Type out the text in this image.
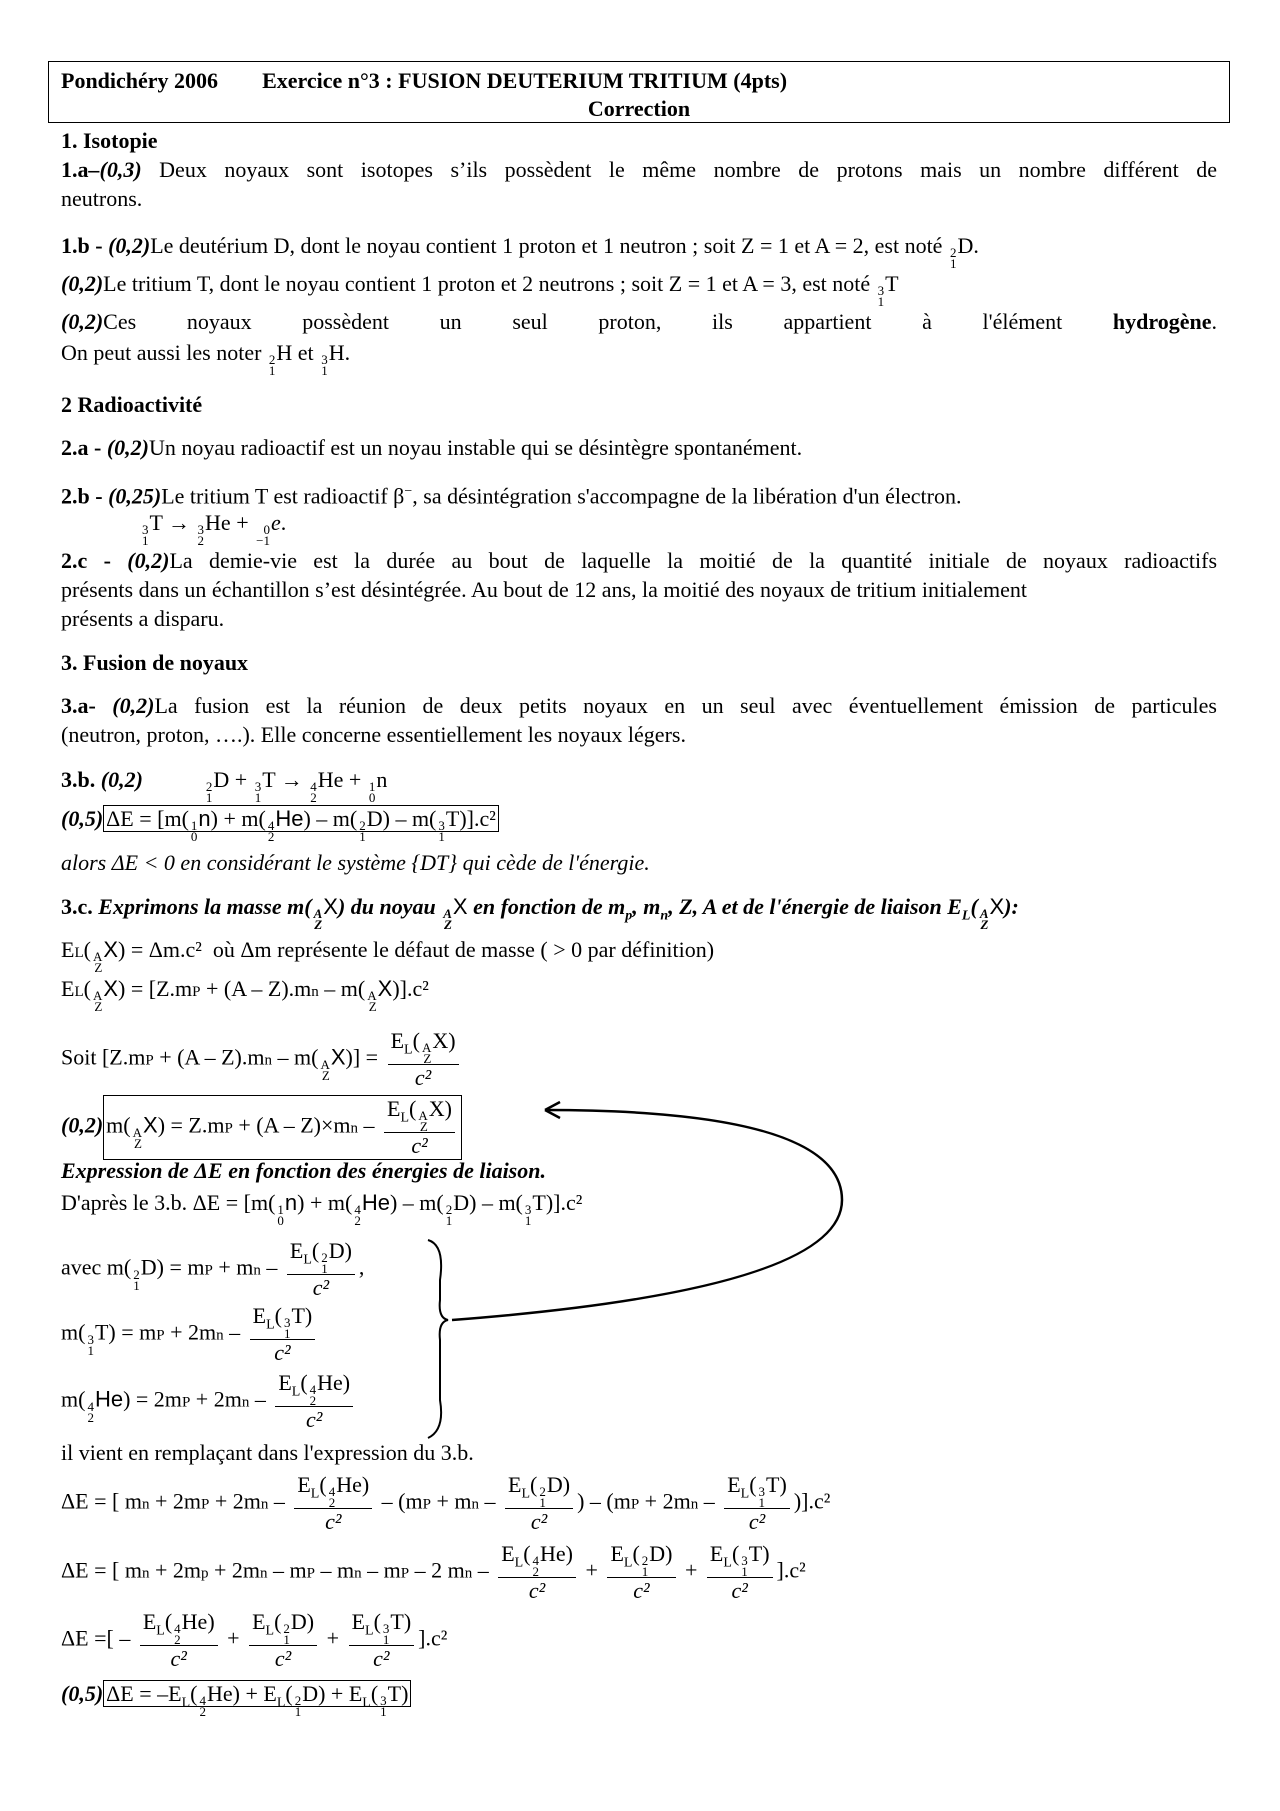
Pondichéry 2006 Exercice n°3 : FUSION DEUTERIUM TRITIUM (4pts)
Correction
1. Isotopie
1.a–(0,3) Deux noyaux sont isotopes s’ils possèdent le même nombre de protons mais un nombre différent de
neutrons.
1.b - (0,2)Le deutérium D, dont le noyau contient 1 proton et 1 neutron ; soit Z = 1 et A = 2, est noté 2
1
D.
(0,2)Le tritium T, dont le noyau contient 1 proton et 2 neutrons ; soit Z = 1 et A = 3, est noté 3
1
T
(0,2)Ces noyaux possèdent un seul proton, ils appartient à l'élément hydrogène.
On peut aussi les noter 2
1
H et 3
1
H.
2 Radioactivité
2.a - (0,2)Un noyau radioactif est un noyau instable qui se désintègre spontanément.
2.b - (0,25)Le tritium T est radioactif β−, sa désintégration s'accompagne de la libération d'un électron.
3
1
T → 3
2
He + 0
−1
e.
2.c - (0,2)La demie-vie est la durée au bout de laquelle la moitié de la quantité initiale de noyaux radioactifs
présents dans un échantillon s’est désintégrée. Au bout de 12 ans, la moitié des noyaux de tritium initialement
présents a disparu.
3. Fusion de noyaux
3.a- (0,2)La fusion est la réunion de deux petits noyaux en un seul avec éventuellement émission de particules
(neutron, proton, ….). Elle concerne essentiellement les noyaux légers.
3.b. (0,2)	2
1
D + 3
1
T → 4
2
He + 1
0
n
(0,5) ΔE = [m( 1
0
n) + m( 4
2
He) – m( 2
1
D) – m( 3
1
T)].c²
alors ΔE < 0 en considérant le système {DT} qui cède de l'énergie.
3.c. Exprimons la masse m( A
Z
X) du noyau A
Z
X en fonction de $m_p$, $m_n$, Z, A et de l'énergie de liaison $E_L$( A
Z
X):
EL( A
Z
X) = Δm.c²  où Δm représente le défaut de masse ( > 0 par définition)
EL( A
Z
X) = [Z.mP + (A – Z).mn – m( A
Z
X)].c²
Soit [Z.mP + (A – Z).mn – m( A
Z
$X)] = E_L$( A
Z
X)
c²
(0,2) m( A
Z
$X) = Z.mP + (A - Z)\times mn - E_L$( A
Z
X)
c²
Expression de ΔE en fonction des énergies de liaison.
D'après le 3.b. ΔE = [m( 1
0
n) + m( 4
2
He) – m( 2
1
D) – m( 3
1
T)].c²
avec m( 2
1
D) = mP + mn – $E_L$( 2
1
D)
c² ,
m( 3
1
T) = mP + $2mn - E_L$( 3
1
T)
c²
m( 4
2
$He) = 2mP + 2mn - E_L$( 4
2
He)
c²
il vient en remplaçant dans l'expression du 3.b.
ΔE = [ mn + $2mP + 2mn - E_L$( 4
2
He)
c² – (mP + mn – $E_L$( 2
1
D)
c² ) – ($mP + 2mn - E_L$( 3
1
T)
c² )].c²
ΔE = [ mn + 2mp + 2mn – mP – mn – mP – 2 mn – $E_L$( 4
2
He)
$c^2 + E_L$( 2
1
D)
$c^2 + E_L$( 3
1
T)
c² ].c²
ΔE =[ – $E_L$( 4
2
He)
$c^2 + E_L$( 2
1
D)
$c^2 + E_L$( 3
1
T)
c² ].c²
(0,5) $\Delta E = -E_L$( 4
2
$He) + E_L$( 2
1
$D) + E_L$( 3
1
T)
